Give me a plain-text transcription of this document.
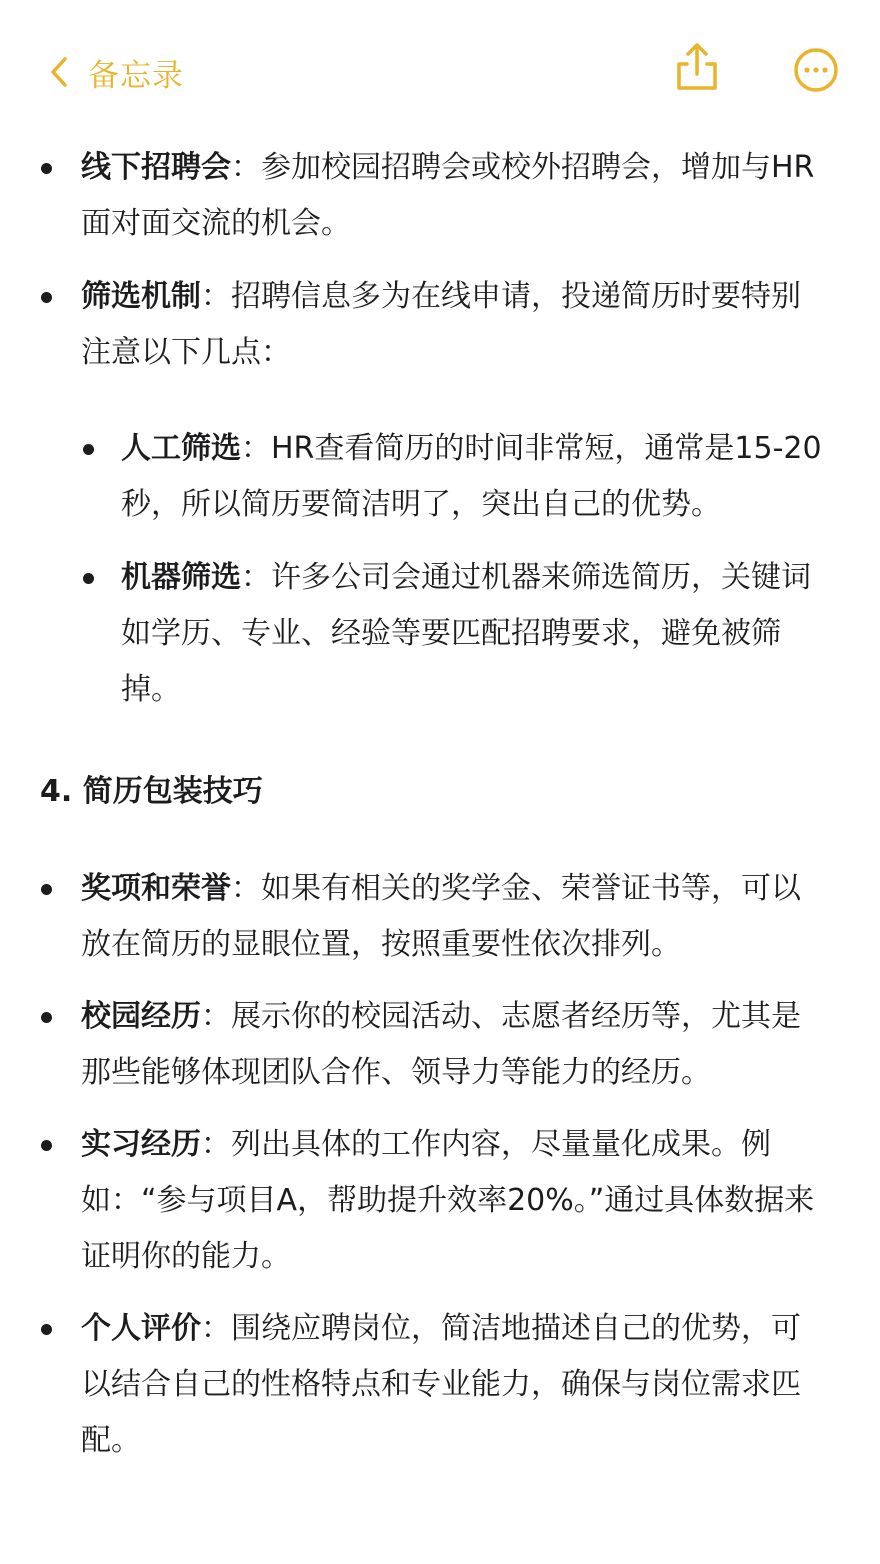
备忘录
线下招聘会：参加校园招聘会或校外招聘会，增加与HR面对面交流的机会。
筛选机制：招聘信息多为在线申请，投递简历时要特别注意以下几点：
人工筛选：HR查看简历的时间非常短，通常是15-20秒，所以简历要简洁明了，突出自己的优势。
机器筛选：许多公司会通过机器来筛选简历，关键词如学历、专业、经验等要匹配招聘要求，避免被筛掉。
4. 简历包装技巧
奖项和荣誉：如果有相关的奖学金、荣誉证书等，可以放在简历的显眼位置，按照重要性依次排列。
校园经历：展示你的校园活动、志愿者经历等，尤其是那些能够体现团队合作、领导力等能力的经历。
实习经历：列出具体的工作内容，尽量量化成果。例如：“参与项目A，帮助提升效率20%。”通过具体数据来证明你的能力。
个人评价：围绕应聘岗位，简洁地描述自己的优势，可以结合自己的性格特点和专业能力，确保与岗位需求匹配。
